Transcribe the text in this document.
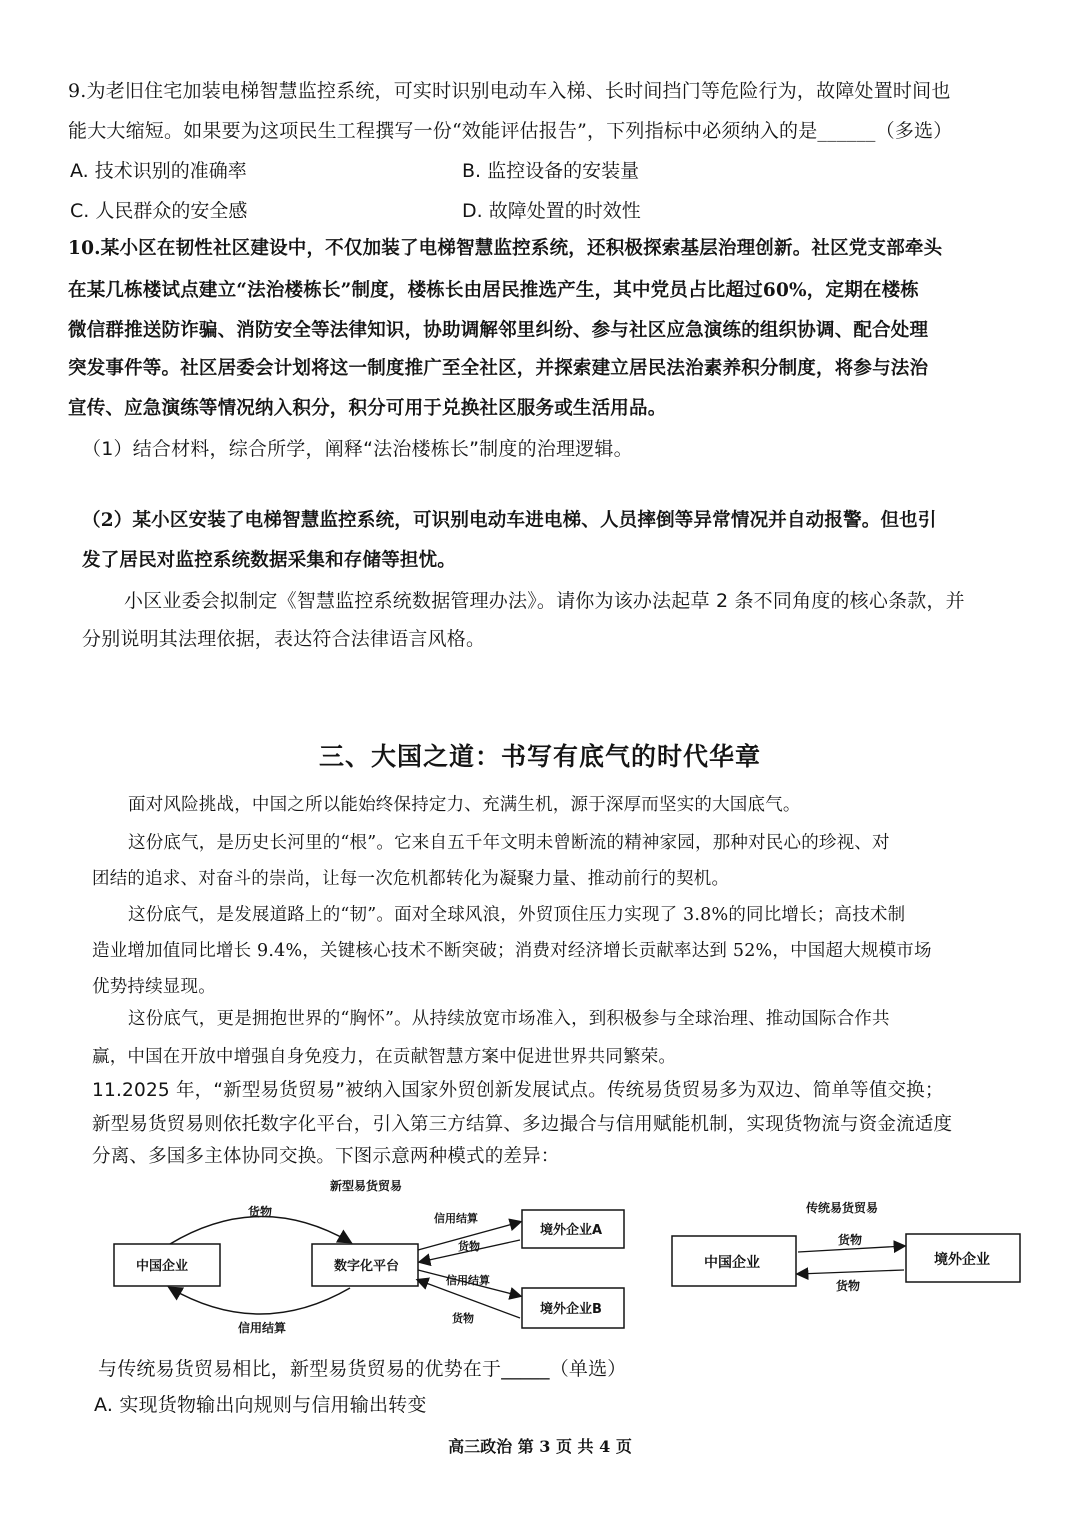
9.为老旧住宅加装电梯智慧监控系统，可实时识别电动车入梯、长时间挡门等危险行为，故障处置时间也
能大大缩短。如果要为这项民生工程撰写一份“效能评估报告”，下列指标中必须纳入的是______（多选）
A. 技术识别的准确率	B. 监控设备的安装量
C. 人民群众的安全感	D. 故障处置的时效性
10.某小区在韧性社区建设中，不仅加装了电梯智慧监控系统，还积极探索基层治理创新。社区党支部牵头
在某几栋楼试点建立“法治楼栋长”制度，楼栋长由居民推选产生，其中党员占比超过60%，定期在楼栋
微信群推送防诈骗、消防安全等法律知识，协助调解邻里纠纷、参与社区应急演练的组织协调、配合处理
突发事件等。社区居委会计划将这一制度推广至全社区，并探索建立居民法治素养积分制度，将参与法治
宣传、应急演练等情况纳入积分，积分可用于兑换社区服务或生活用品。
（1）结合材料，综合所学，阐释“法治楼栋长”制度的治理逻辑。
（2）某小区安装了电梯智慧监控系统，可识别电动车进电梯、人员摔倒等异常情况并自动报警。但也引
发了居民对监控系统数据采集和存储等担忧。
小区业委会拟制定《智慧监控系统数据管理办法》。请你为该办法起草 2 条不同角度的核心条款，并
分别说明其法理依据，表达符合法律语言风格。
三、大国之道：书写有底气的时代华章
面对风险挑战，中国之所以能始终保持定力、充满生机，源于深厚而坚实的大国底气。
这份底气，是历史长河里的“根”。它来自五千年文明未曾断流的精神家园，那种对民心的珍视、对
团结的追求、对奋斗的崇尚，让每一次危机都转化为凝聚力量、推动前行的契机。
这份底气，是发展道路上的“韧”。面对全球风浪，外贸顶住压力实现了 3.8%的同比增长；高技术制
造业增加值同比增长 9.4%，关键核心技术不断突破；消费对经济增长贡献率达到 52%，中国超大规模市场
优势持续显现。
这份底气，更是拥抱世界的“胸怀”。从持续放宽市场准入，到积极参与全球治理、推动国际合作共
赢，中国在开放中增强自身免疫力，在贡献智慧方案中促进世界共同繁荣。
11.2025 年，“新型易货贸易”被纳入国家外贸创新发展试点。传统易货贸易多为双边、简单等值交换；
新型易货贸易则依托数字化平台，引入第三方结算、多边撮合与信用赋能机制，实现货物流与资金流适度
分离、多国多主体协同交换。下图示意两种模式的差异：
新型易货贸易
中国企业	数字化平台
境外企业A
境外企业B
货物
信用结算
信用结算
货物
信用结算
货物
传统易货贸易
中国企业	境外企业
货物
货物
与传统易货贸易相比，新型易货贸易的优势在于_____（单选）
A. 实现货物输出向规则与信用输出转变
高三政治 第 3 页 共 4 页
